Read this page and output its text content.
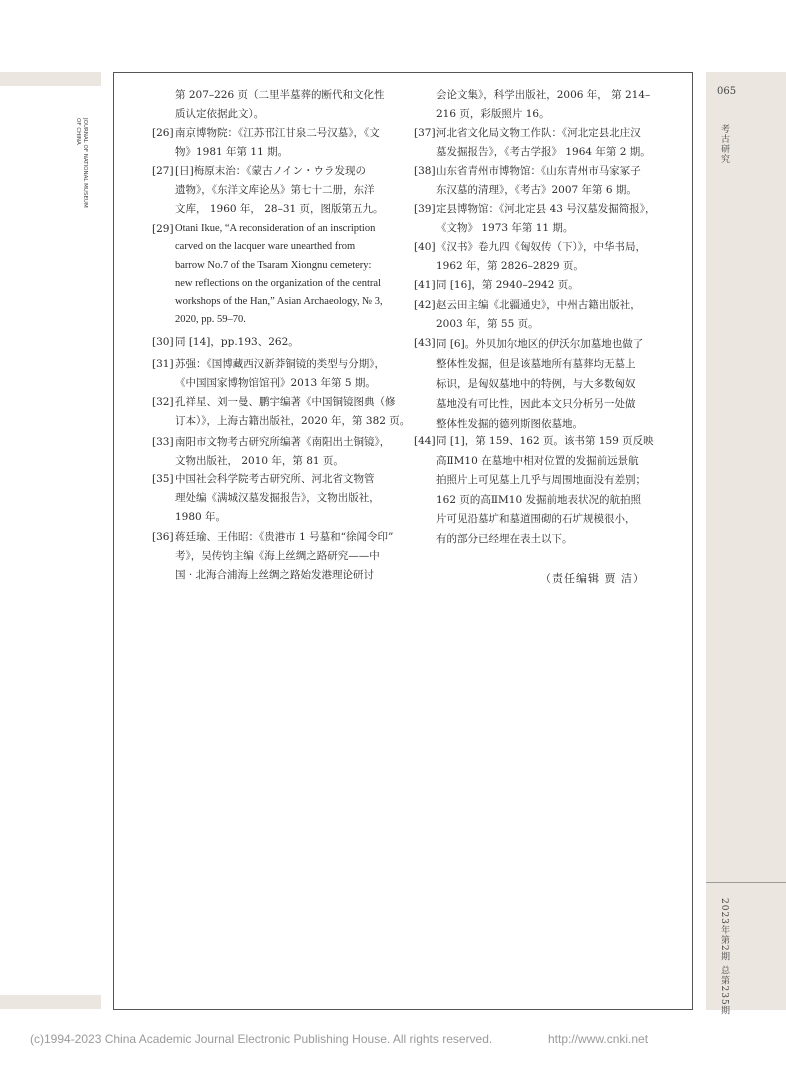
JOURNAL OF NATIONAL MUSEUM OF CHINA
065
考古研究
2023年第2期 总第235期
第 207–226 页（二里半墓葬的断代和文化性
质认定依据此文）。
[26] 南京博物院：《江苏邗江甘泉二号汉墓》，《文
物》1981 年第 11 期。
[27] [日]梅原末治：《蒙古ノイン・ウラ发现の
遗物》，《东洋文库论丛》第七十二册，东洋
文库， 1960 年， 28–31 页，图版第五九。
[29] Otani Ikue, “A reconsideration of an inscription
carved on the lacquer ware unearthed from
barrow No.7 of the Tsaram Xiongnu cemetery:
new reflections on the organization of the central
workshops of the Han,” Asian Archaeology, № 3,
2020, pp. 59–70.
[30] 同 [14]，pp.193、262。
[31] 苏强：《国博藏西汉新莽铜镜的类型与分期》，
《中国国家博物馆馆刊》2013 年第 5 期。
[32] 孔祥星、刘一曼、鹏宇编著《中国铜镜图典（修
订本）》，上海古籍出版社，2020 年，第 382 页。
[33] 南阳市文物考古研究所编著《南阳出土铜镜》，
文物出版社， 2010 年，第 81 页。
[35] 中国社会科学院考古研究所、河北省文物管
理处编《满城汉墓发掘报告》，文物出版社，
1980 年。
[36] 蒋廷瑜、王伟昭：《贵港市 1 号墓和“徐闻令印”
考》，吴传钧主编《海上丝绸之路研究——中
国 · 北海合浦海上丝绸之路始发港理论研讨
会论文集》，科学出版社，2006 年， 第 214–
216 页，彩版照片 16。
[37] 河北省文化局文物工作队：《河北定县北庄汉
墓发掘报告》，《考古学报》 1964 年第 2 期。
[38] 山东省青州市博物馆：《山东青州市马家冢子
东汉墓的清理》，《考古》2007 年第 6 期。
[39] 定县博物馆：《河北定县 43 号汉墓发掘简报》，
《文物》 1973 年第 11 期。
[40] 《汉书》卷九四《匈奴传（下）》，中华书局，
1962 年，第 2826–2829 页。
[41] 同 [16]，第 2940–2942 页。
[42] 赵云田主编《北疆通史》，中州古籍出版社，
2003 年，第 55 页。
[43] 同 [6]。外贝加尔地区的伊沃尔加墓地也做了
整体性发掘，但是该墓地所有墓葬均无墓上
标识，是匈奴墓地中的特例，与大多数匈奴
墓地没有可比性，因此本文只分析另一处做
整体性发掘的德列斯图依墓地。
[44] 同 [1]，第 159、162 页。该书第 159 页反映
高ⅡM10 在墓地中相对位置的发掘前远景航
拍照片上可见墓上几乎与周围地面没有差别；
162 页的高ⅡM10 发掘前地表状况的航拍照
片可见沿墓圹和墓道围砌的石圹规模很小，
有的部分已经埋在表土以下。
（责任编辑 贾 洁）
(c)1994-2023 China Academic Journal Electronic Publishing House. All rights reserved.	http://www.cnki.net
